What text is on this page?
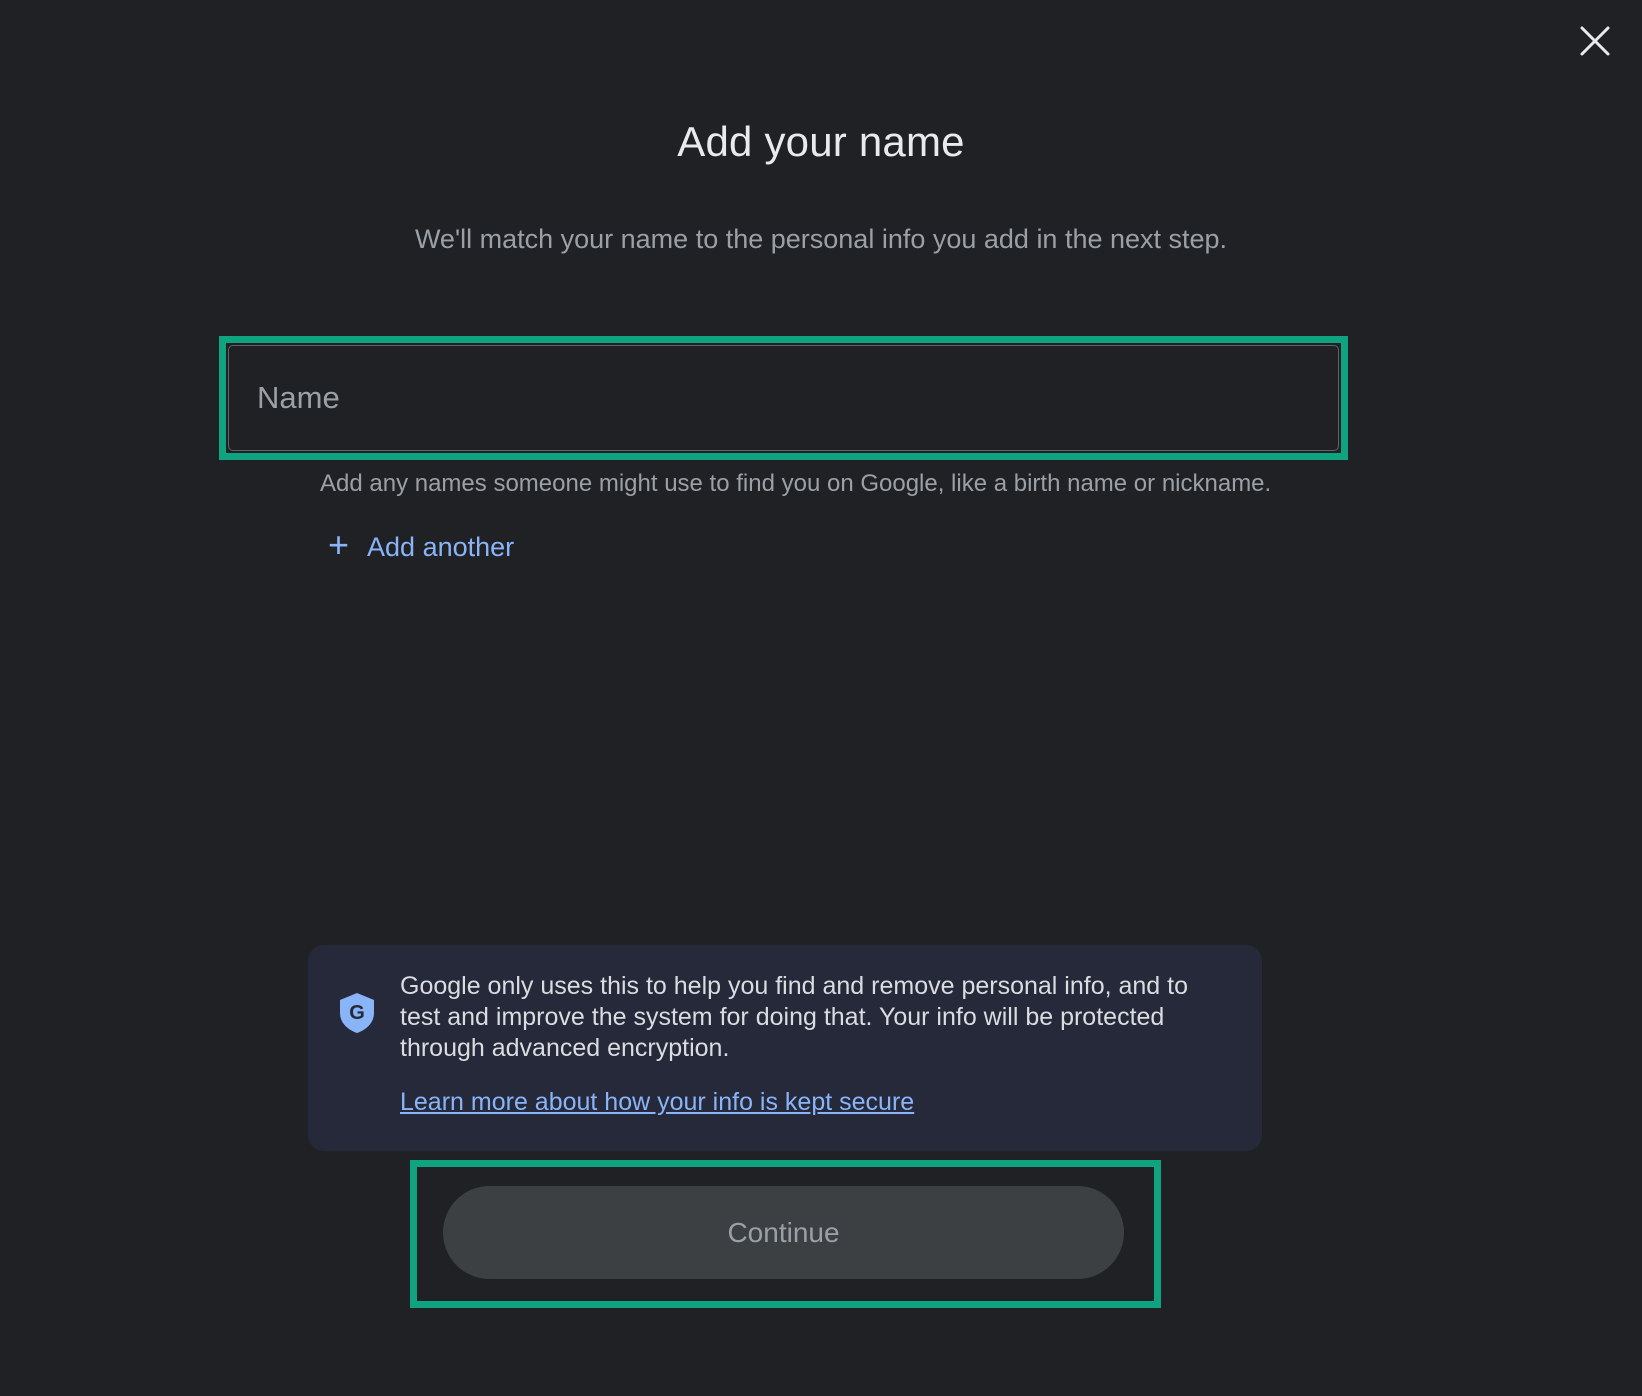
Add your name
We'll match your name to the personal info you add in the next step.
Name
Add any names someone might use to find you on Google, like a birth name or nickname.
+ Add another
G
Google only uses this to help you find and remove personal info, and to test and improve the system for doing that. Your info will be protected through advanced encryption.
Learn more about how your info is kept secure
Continue
